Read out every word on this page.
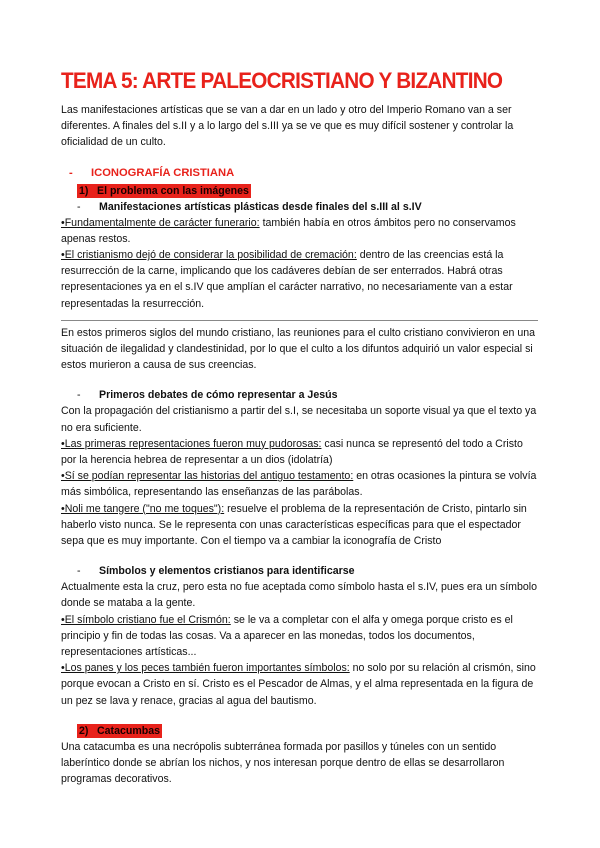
TEMA 5: ARTE PALEOCRISTIANO Y BIZANTINO

Las manifestaciones artísticas que se van a dar en un lado y otro del Imperio Romano van a ser diferentes. A finales del s.II y a lo largo del s.III ya se ve que es muy difícil sostener y controlar la oficialidad de un culto.

- ICONOGRAFÍA CRISTIANA
1) El problema con las imágenes
- Manifestaciones artísticas plásticas desde finales del s.III al s.IV

•Fundamentalmente de carácter funerario: también había en otros ámbitos pero no conservamos apenas restos.

•El cristianismo dejó de considerar la posibilidad de cremación: dentro de las creencias está la resurrección de la carne, implicando que los cadáveres debían de ser enterrados. Habrá otras representaciones ya en el s.IV que amplían el carácter narrativo, no necesariamente van a estar representadas la resurrección.

En estos primeros siglos del mundo cristiano, las reuniones para el culto cristiano convivieron en una situación de ilegalidad y clandestinidad, por lo que el culto a los difuntos adquirió un valor especial si estos murieron a causa de sus creencias.

- Primeros debates de cómo representar a Jesús

Con la propagación del cristianismo a partir del s.I, se necesitaba un soporte visual ya que el texto ya no era suficiente.

•Las primeras representaciones fueron muy pudorosas: casi nunca se representó del todo a Cristo por la herencia hebrea de representar a un dios (idolatría)

•Sí se podían representar las historias del antiguo testamento: en otras ocasiones la pintura se volvía más simbólica, representando las enseñanzas de las parábolas.

•Noli me tangere ("no me toques"): resuelve el problema de la representación de Cristo, pintarlo sin haberlo visto nunca. Se le representa con unas características específicas para que el espectador sepa que es muy importante. Con el tiempo va a cambiar la iconografía de Cristo

- Símbolos y elementos cristianos para identificarse

Actualmente esta la cruz, pero esta no fue aceptada como símbolo hasta el s.IV, pues era un símbolo donde se mataba a la gente.

•El símbolo cristiano fue el Crismón: se le va a completar con el alfa y omega porque cristo es el principio y fin de todas las cosas. Va a aparecer en las monedas, todos los documentos, representaciones artísticas...

•Los panes y los peces también fueron importantes símbolos: no solo por su relación al crismón, sino porque evocan a Cristo en sí. Cristo es el Pescador de Almas, y el alma representada en la figura de un pez se lava y renace, gracias al agua del bautismo.

2) Catacumbas

Una catacumba es una necrópolis subterránea formada por pasillos y túneles con un sentido laberíntico donde se abrían los nichos, y nos interesan porque dentro de ellas se desarrollaron programas decorativos.
